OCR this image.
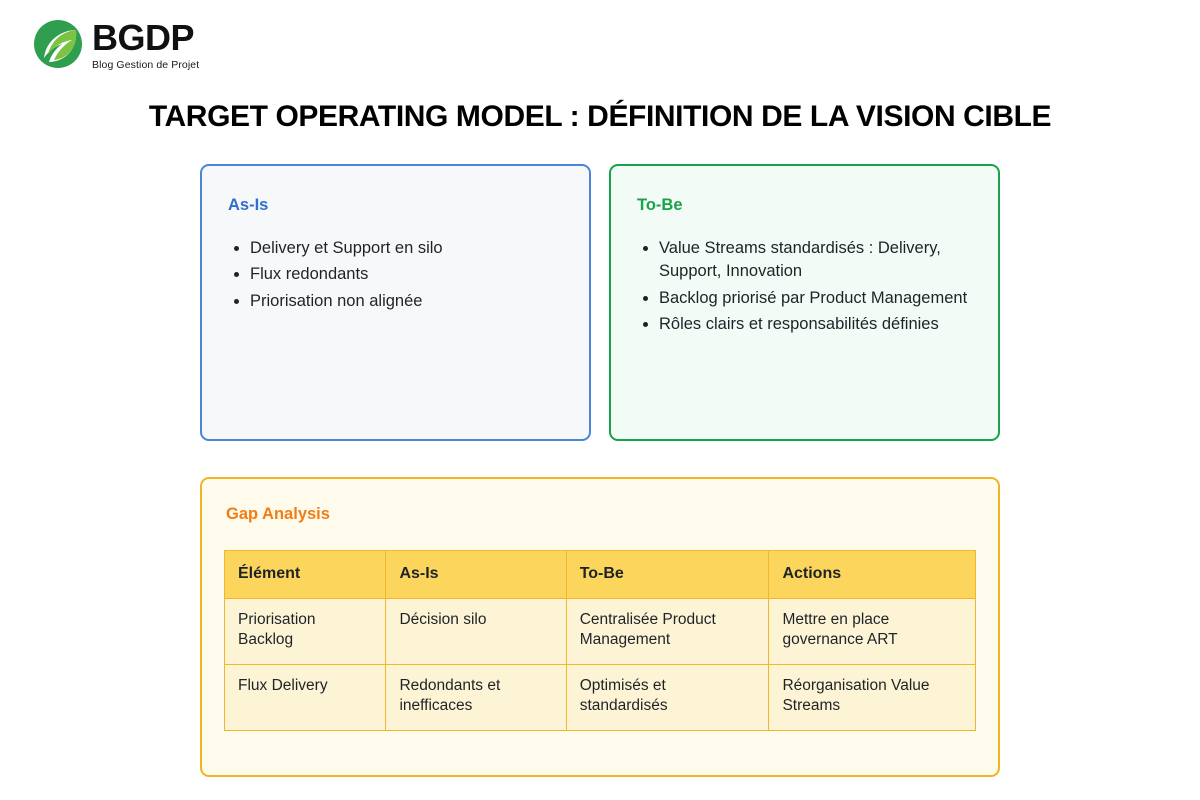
BGDP
Blog Gestion de Projet
TARGET OPERATING MODEL : DÉFINITION DE LA VISION CIBLE
As-Is
• Delivery et Support en silo
• Flux redondants
• Priorisation non alignée
To-Be
• Value Streams standardisés : Delivery, Support, Innovation
• Backlog priorisé par Product Management
• Rôles clairs et responsabilités définies
Gap Analysis
Élément	As-Is	To-Be	Actions
Priorisation Backlog	Décision silo	Centralisée Product Management	Mettre en place governance ART
Flux Delivery	Redondants et inefficaces	Optimisés et standardisés	Réorganisation Value Streams
